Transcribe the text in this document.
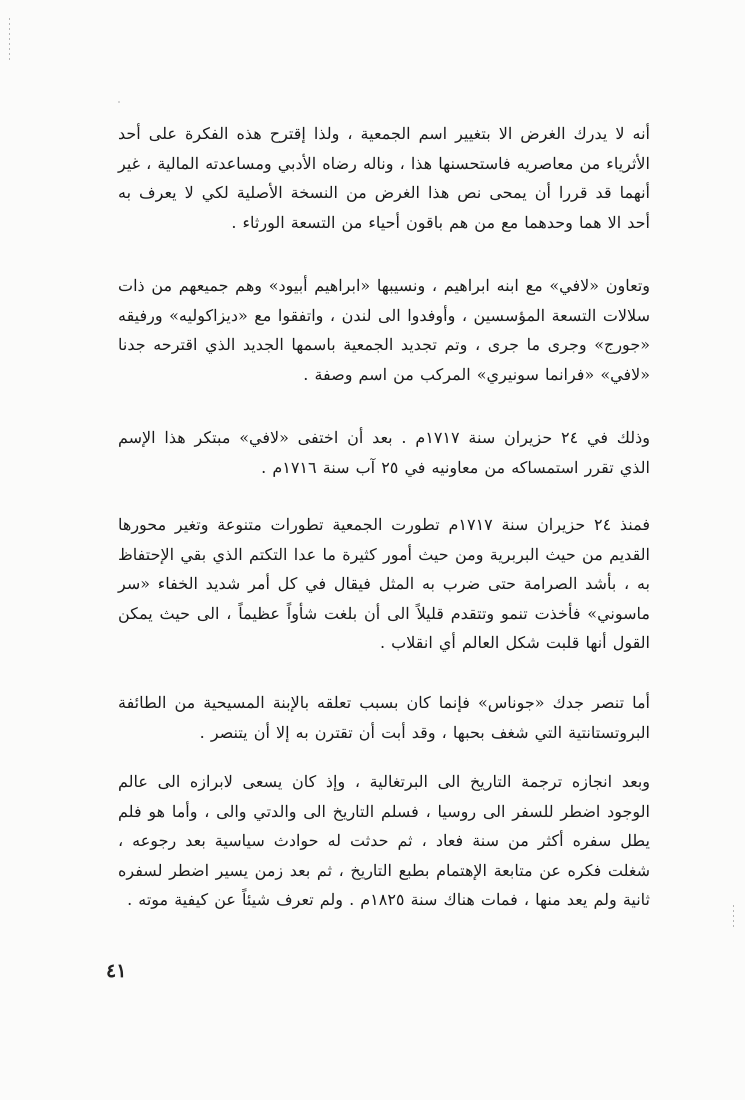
أنه لا يدرك الغرض الا بتغيير اسم الجمعية ، ولذا إقترح هذه الفكرة على أحد الأثرياء من معاصريه فاستحسنها هذا ، وناله رضاه الأدبي ومساعدته المالية ، غير أنهما قد قررا أن يمحى نص هذا الغرض من النسخة الأصلية لكي لا يعرف به أحد الا هما وحدهما مع من هم باقون أحياء من التسعة الورثاء .

وتعاون «لافي» مع ابنه ابراهيم ، ونسيبها «ابراهيم أبيود» وهم جميعهم من ذات سلالات التسعة المؤسسين ، وأوفدوا الى لندن ، واتفقوا مع «ديزاكوليه» ورفيقه «جورج» وجرى ما جرى ، وتم تجديد الجمعية باسمها الجديد الذي اقترحه جدنا «لافي» «فرانما سونيري» المركب من اسم وصفة .

وذلك في ٢٤ حزيران سنة ١٧١٧م . بعد أن اختفى «لافي» مبتكر هذا الإسم الذي تقرر استمساكه من معاونيه في ٢٥ آب سنة ١٧١٦م .

فمنذ ٢٤ حزيران سنة ١٧١٧م تطورت الجمعية تطورات متنوعة وتغير محورها القديم من حيث البربرية ومن حيث أمور كثيرة ما عدا التكتم الذي بقي الإحتفاظ به ، بأشد الصرامة حتى ضرب به المثل فيقال في كل أمر شديد الخفاء «سر ماسوني» فأخذت تنمو وتتقدم قليلاً الى أن بلغت شأواً عظيماً ، الى حيث يمكن القول أنها قلبت شكل العالم أي انقلاب .

أما تنصر جدك «جوناس» فإنما كان بسبب تعلقه بالإبنة المسيحية من الطائفة البروتستانتية التي شغف بحبها ، وقد أبت أن تقترن به إلا أن يتنصر .

وبعد انجازه ترجمة التاريخ الى البرتغالية ، وإذ كان يسعى لابرازه الى عالم الوجود اضطر للسفر الى روسيا ، فسلم التاريخ الى والدتي والى ، وأما هو فلم يطل سفره أكثر من سنة فعاد ، ثم حدثت له حوادث سياسية بعد رجوعه ، شغلت فكره عن متابعة الإهتمام بطبع التاريخ ، ثم بعد زمن يسير اضطر لسفره ثانية ولم يعد منها ، فمات هناك سنة ١٨٢٥م . ولم تعرف شيئاً عن كيفية موته .

٤١
